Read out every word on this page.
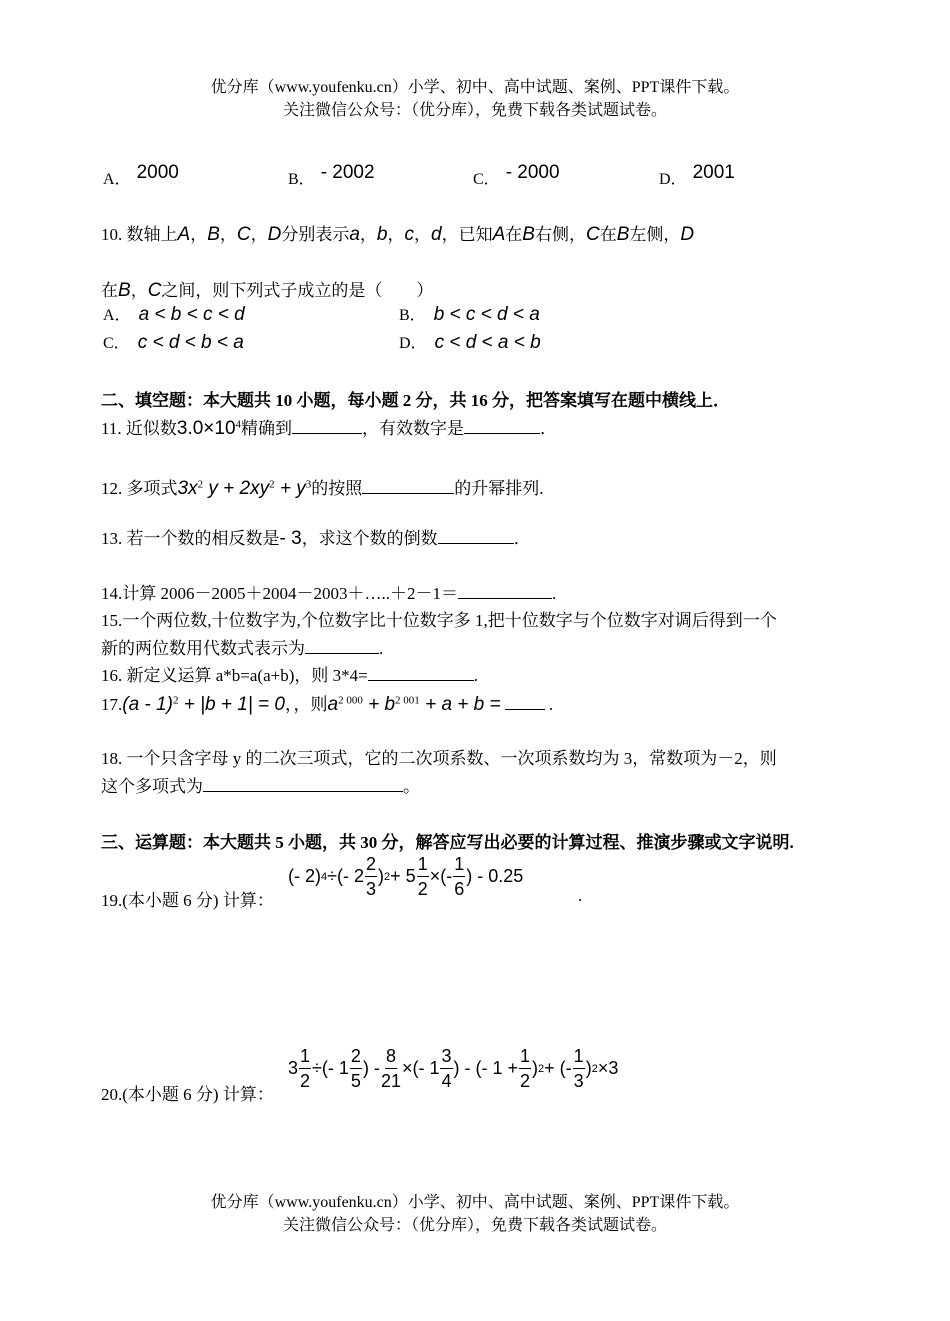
优分库（www.youfenku.cn）小学、初中、高中试题、案例、PPT课件下载。
关注微信公众号：（优分库），免费下载各类试题试卷。
A． 2000	B． - 2002	C． - 2000	D． 2001
10. 数轴上A，B，C，D分别表示a，b，c，d，已知A在B右侧，C在B左侧，D
在B，C之间，则下列式子成立的是（　　）
A． a < b < c < d	B． b < c < d < a
C． c < d < b < a	D． c < d < a < b
二、填空题：本大题共 10 小题，每小题 2 分，共 16 分，把答案填写在题中横线上．
11. 近似数$3.0\times 10^4$精确到	，有效数字是	．
12. 多项式$3x^2$ $y + 2xy^2 + y^3$的按照	的升幂排列.
13. 若一个数的相反数是- 3，求这个数的倒数	．
14.计算 2006－2005＋2004－2003＋…..＋2－1＝	.
15.一个两位数,十位数字为,个位数字比十位数字多 1,把十位数字与个位数字对调后得到一个
新的两位数用代数式表示为	.
16. 新定义运算 a*b=a(a+b)，则 3*4=	.
17.(a - 1)$^2$ + |b + 1| = 0，，则$a^{2 000} + b^{2 001} + a + b$ =	.
18. 一个只含字母 y 的二次三项式，它的二次项系数、一次项系数均为 3，常数项为－2，则
这个多项式为	。
三、运算题：本大题共 5 小题，共 30 分，解答应写出必要的计算过程、推演步骤或文字说明.
19.(本小题 6 分) 计算：
(- 2) 4 ÷(- $2 \frac{2}{3}$ ) $2 + 5 \frac{1}{2}$ ×(- $\frac{1}{6}$ ) - 0.25
.
20.(本小题 6 分) 计算：
$3 \frac{1}{2}$ ÷(- $1 \frac{2}{5}$ ) - $\frac{8}{21}$ ×(- $1 \frac{3}{4}$ ) - (- $1 + \frac{1}{2}$ ) 2 + (- $\frac{1}{3}$ ) 2 ×3
优分库（www.youfenku.cn）小学、初中、高中试题、案例、PPT课件下载。
关注微信公众号：（优分库），免费下载各类试题试卷。
